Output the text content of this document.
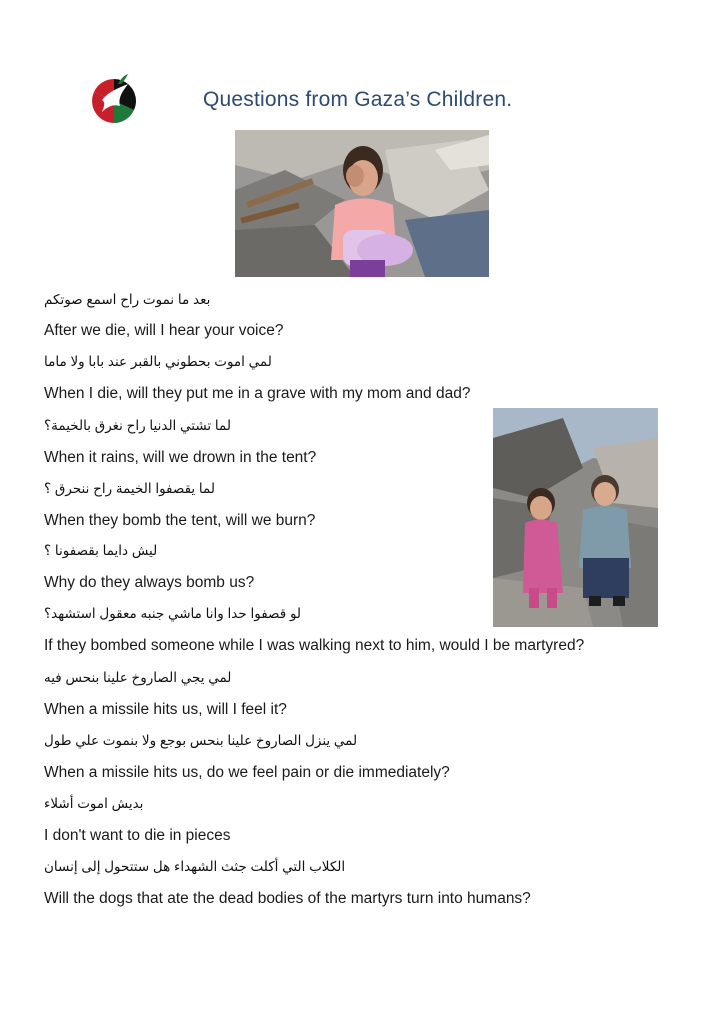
Questions from Gaza’s Children.
بعد ما نموت راح اسمع صوتكم
After we die, will I hear your voice?
لمي اموت بحطوني بالقبر عند بابا ولا ماما
When I die, will they put me in a grave with my mom and dad?
لما تشتي الدنيا راح نغرق بالخيمة؟
When it rains, will we drown in the tent?
لما يقصفوا الخيمة راح ننحرق ؟
When they bomb the tent, will we burn?
ليش دايما بقصفونا ؟
Why do they always bomb us?
لو قصفوا حدا وانا ماشي جنبه معقول استشهد؟
If they bombed someone while I was walking next to him, would I be martyred?
لمي يجي الصاروخ علينا بنحس فيه
When a missile hits us, will I feel it?
لمي ينزل الصاروخ علينا بنحس بوجع ولا بنموت علي طول
When a missile hits us, do we feel pain or die immediately?
بديش اموت أشلاء
I don't want to die in pieces
الكلاب التي أكلت جثث الشهداء هل ستتحول إلى إنسان
Will the dogs that ate the dead bodies of the martyrs turn into humans?
